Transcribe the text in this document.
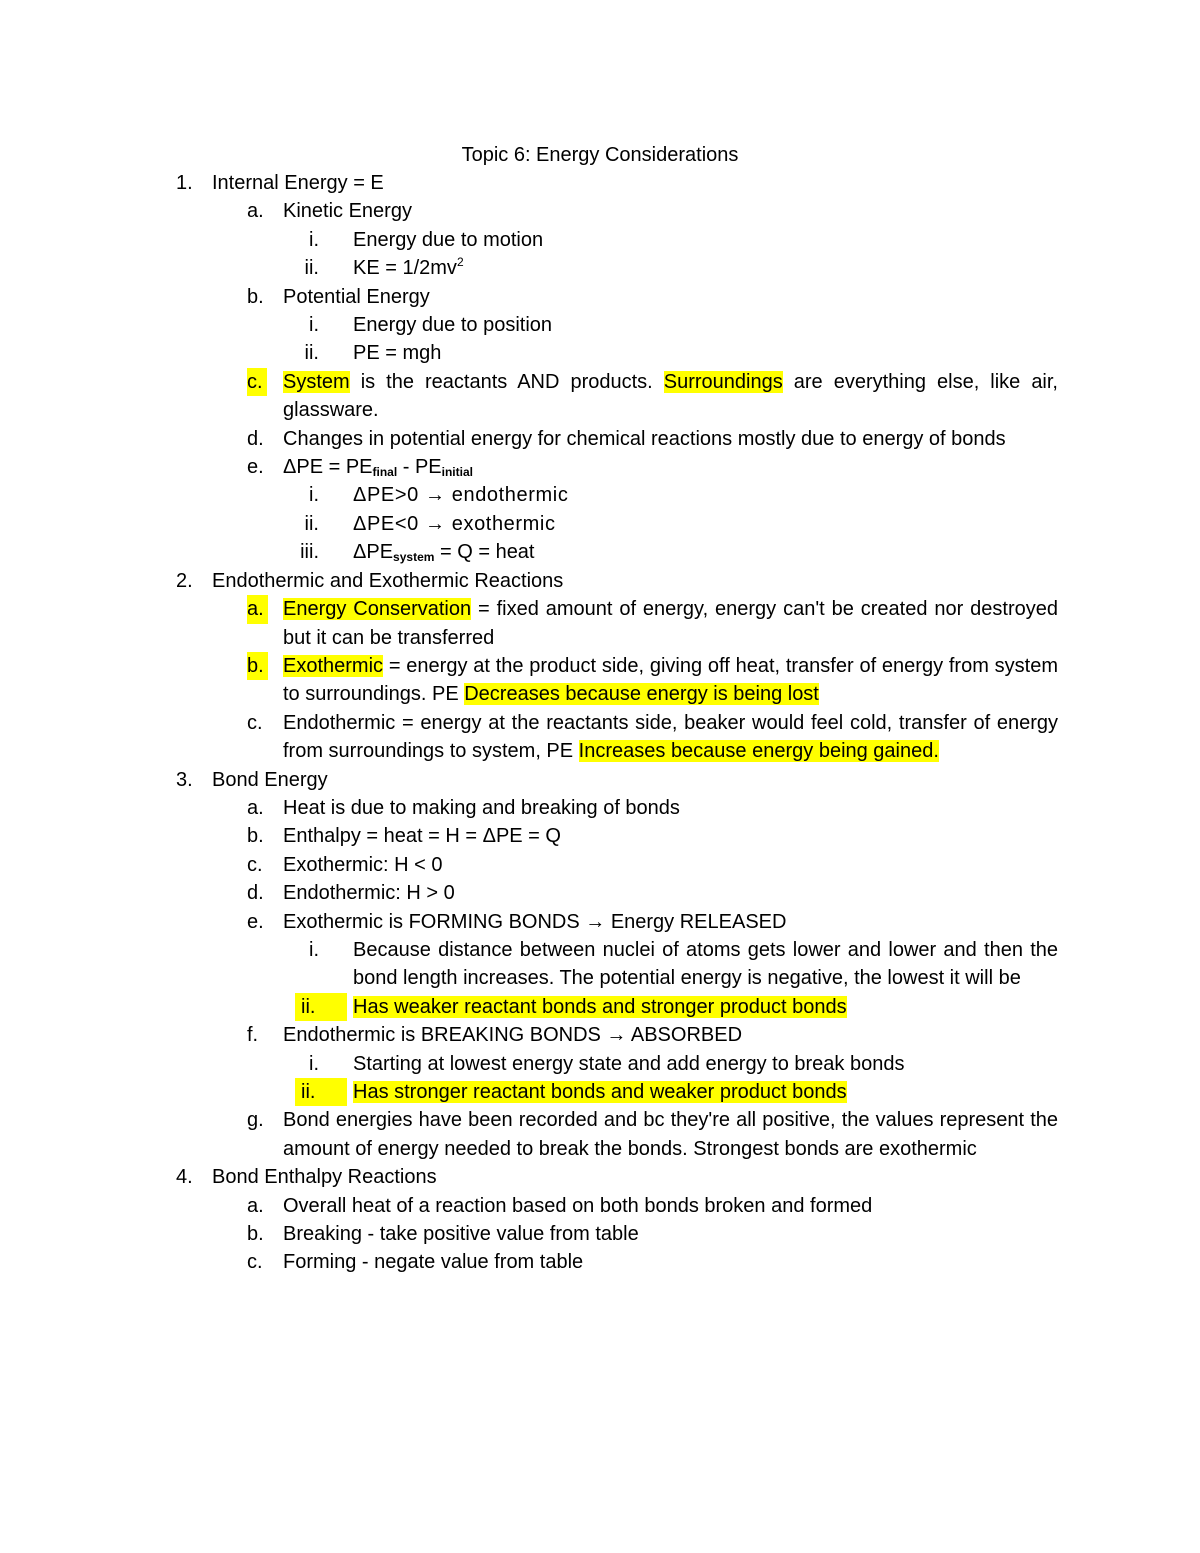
Topic 6: Energy Considerations
1. Internal Energy = E
a. Kinetic Energy
i. Energy due to motion
ii. KE = $1/2mv^2$
b. Potential Energy
i. Energy due to position
ii. PE = mgh
c. System is the reactants AND products. Surroundings are everything else, like air, glassware.
d. Changes in potential energy for chemical reactions mostly due to energy of bonds
e. $\Delta PE = PE_{final} - PE_{initial}$
i. ΔPE>0 → endothermic
ii. ΔPE<0 → exothermic
iii. $\Delta PE_{system} = Q$ = heat
2. Endothermic and Exothermic Reactions
a. Energy Conservation = fixed amount of energy, energy can't be created nor destroyed but it can be transferred
b. Exothermic = energy at the product side, giving off heat, transfer of energy from system to surroundings. PE Decreases because energy is being lost
c. Endothermic = energy at the reactants side, beaker would feel cold, transfer of energy from surroundings to system, PE Increases because energy being gained.
3. Bond Energy
a. Heat is due to making and breaking of bonds
b. Enthalpy = heat = H = ΔPE = Q
c. Exothermic: H < 0
d. Endothermic: H > 0
e. Exothermic is FORMING BONDS → Energy RELEASED
i. Because distance between nuclei of atoms gets lower and lower and then the bond length increases. The potential energy is negative, the lowest it will be
ii.	Has weaker reactant bonds and stronger product bonds
f. Endothermic is BREAKING BONDS → ABSORBED
i. Starting at lowest energy state and add energy to break bonds
ii.	Has stronger reactant bonds and weaker product bonds
g. Bond energies have been recorded and bc they're all positive, the values represent the amount of energy needed to break the bonds. Strongest bonds are exothermic
4. Bond Enthalpy Reactions
a. Overall heat of a reaction based on both bonds broken and formed
b. Breaking - take positive value from table
c. Forming - negate value from table
